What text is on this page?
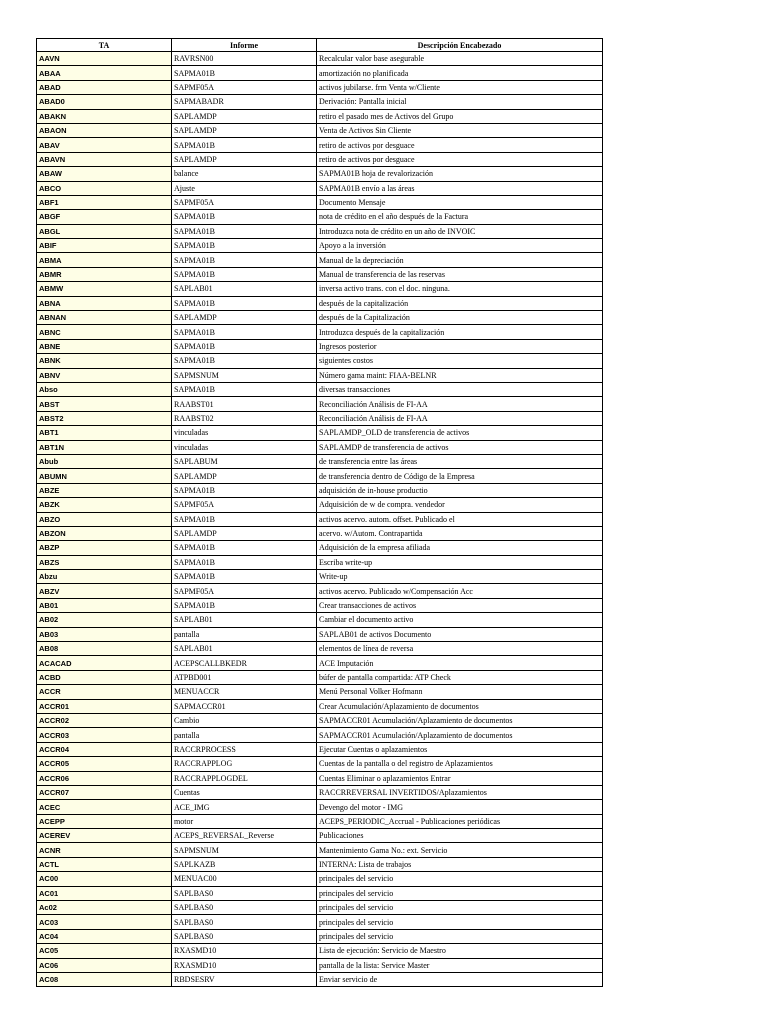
TA	Informe	Descripción Encabezado
AAVN	RAVRSN00	Recalcular valor base asegurable
ABAA	SAPMA01B	amortización no planificada
ABAD	SAPMF05A	activos jubilarse. frm Venta w/Cliente
ABAD0	SAPMABADR	Derivación: Pantalla inicial
ABAKN	SAPLAMDP	retiro el pasado mes de Activos del Grupo
ABAON	SAPLAMDP	Venta de Activos Sin Cliente
ABAV	SAPMA01B	retiro de activos por desguace
ABAVN	SAPLAMDP	retiro de activos por desguace
ABAW	balance	SAPMA01B hoja de revalorización
ABCO	Ajuste	SAPMA01B envío a las áreas
ABF1	SAPMF05A	Documento Mensaje
ABGF	SAPMA01B	nota de crédito en el año después de la Factura
ABGL	SAPMA01B	Introduzca nota de crédito en un año de INVOIC
ABIF	SAPMA01B	Apoyo a la inversión
ABMA	SAPMA01B	Manual de la depreciación
ABMR	SAPMA01B	Manual de transferencia de las reservas
ABMW	SAPLAB01	inversa activo trans. con el doc. ninguna.
ABNA	SAPMA01B	después de la capitalización
ABNAN	SAPLAMDP	después de la Capitalización
ABNC	SAPMA01B	Introduzca después de la capitalización
ABNE	SAPMA01B	Ingresos posterior
ABNK	SAPMA01B	siguientes costos
ABNV	SAPMSNUM	Número gama maint: FIAA-BELNR
Abso	SAPMA01B	diversas transacciones
ABST	RAABST01	Reconciliación Análisis de FI-AA
ABST2	RAABST02	Reconciliación Análisis de FI-AA
ABT1	vinculadas	SAPLAMDP_OLD de transferencia de activos
ABT1N	vinculadas	SAPLAMDP de transferencia de activos
Abub	SAPLABUM	de transferencia entre las áreas
ABUMN	SAPLAMDP	de transferencia dentro de Código de la Empresa
ABZE	SAPMA01B	adquisición de in-house productio
ABZK	SAPMF05A	Adquisición de w de compra. vendedor
ABZO	SAPMA01B	activos acervo. autom. offset. Publicado el
ABZON	SAPLAMDP	acervo. w/Autom. Contrapartida
ABZP	SAPMA01B	Adquisición de la empresa afiliada
ABZS	SAPMA01B	Escriba write-up
Abzu	SAPMA01B	Write-up
ABZV	SAPMF05A	activos acervo. Publicado w/Compensación Acc
AB01	SAPMA01B	Crear transacciones de activos
AB02	SAPLAB01	Cambiar el documento activo
AB03	pantalla	SAPLAB01 de activos Documento
AB08	SAPLAB01	elementos de línea de reversa
ACACAD	ACEPSCALLBKEDR	ACE Imputación
ACBD	ATPBD001	búfer de pantalla compartida: ATP Check
ACCR	MENUACCR	Menú Personal Volker Hofmann
ACCR01	SAPMACCR01	Crear Acumulación/Aplazamiento de documentos
ACCR02	Cambio	SAPMACCR01 Acumulación/Aplazamiento de documentos
ACCR03	pantalla	SAPMACCR01 Acumulación/Aplazamiento de documentos
ACCR04	RACCRPROCESS	Ejecutar Cuentas o aplazamientos
ACCR05	RACCRAPPLOG	Cuentas de la pantalla o del registro de Aplazamientos
ACCR06	RACCRAPPLOGDEL	Cuentas Eliminar o aplazamientos Entrar
ACCR07	Cuentas	RACCRREVERSAL INVERTIDOS/Aplazamientos
ACEC	ACE_IMG	Devengo del motor - IMG
ACEPP	motor	ACEPS_PERIODIC_Accrual - Publicaciones periódicas
ACEREV	ACEPS_REVERSAL_Reverse	Publicaciones
ACNR	SAPMSNUM	Mantenimiento Gama No.: ext. Servicio
ACTL	SAPLKAZB	INTERNA: Lista de trabajos
AC00	MENUAC00	principales del servicio
AC01	SAPLBAS0	principales del servicio
Ac02	SAPLBAS0	principales del servicio
AC03	SAPLBAS0	principales del servicio
AC04	SAPLBAS0	principales del servicio
AC05	RXASMD10	Lista de ejecución: Servicio de Maestro
AC06	RXASMD10	pantalla de la lista: Service Master
AC08	RBDSESRV	Enviar servicio de
